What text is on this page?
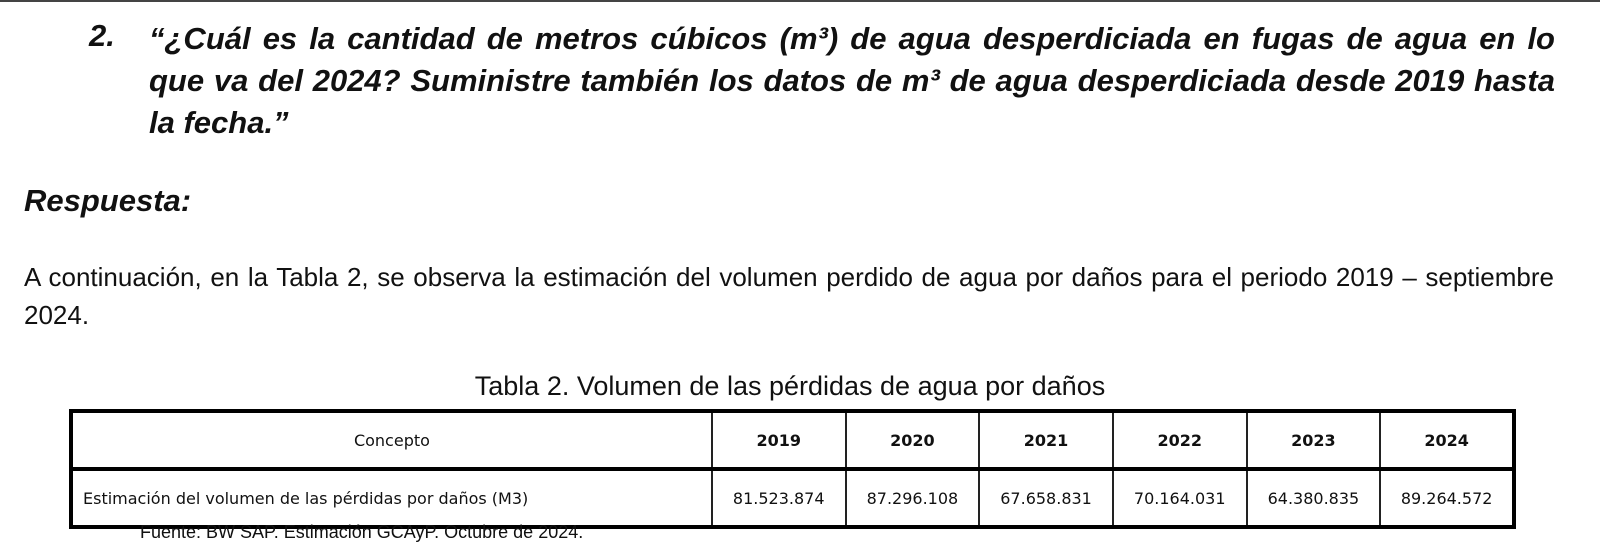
2. “¿Cuál es la cantidad de metros cúbicos (m³) de agua desperdiciada en fugas de agua en lo que va del 2024? Suministre también los datos de m³ de agua desperdiciada desde 2019 hasta la fecha.”
Respuesta:
A continuación, en la Tabla 2, se observa la estimación del volumen perdido de agua por daños para el periodo 2019 – septiembre 2024.
Tabla 2. Volumen de las pérdidas de agua por daños
Concepto	2019	2020	2021	2022	2023	2024
Estimación del volumen de las pérdidas por daños (M3)	81.523.874	87.296.108	67.658.831	70.164.031	64.380.835	89.264.572
Fuente: BW SAP. Estimación GCAyP. Octubre de 2024.
